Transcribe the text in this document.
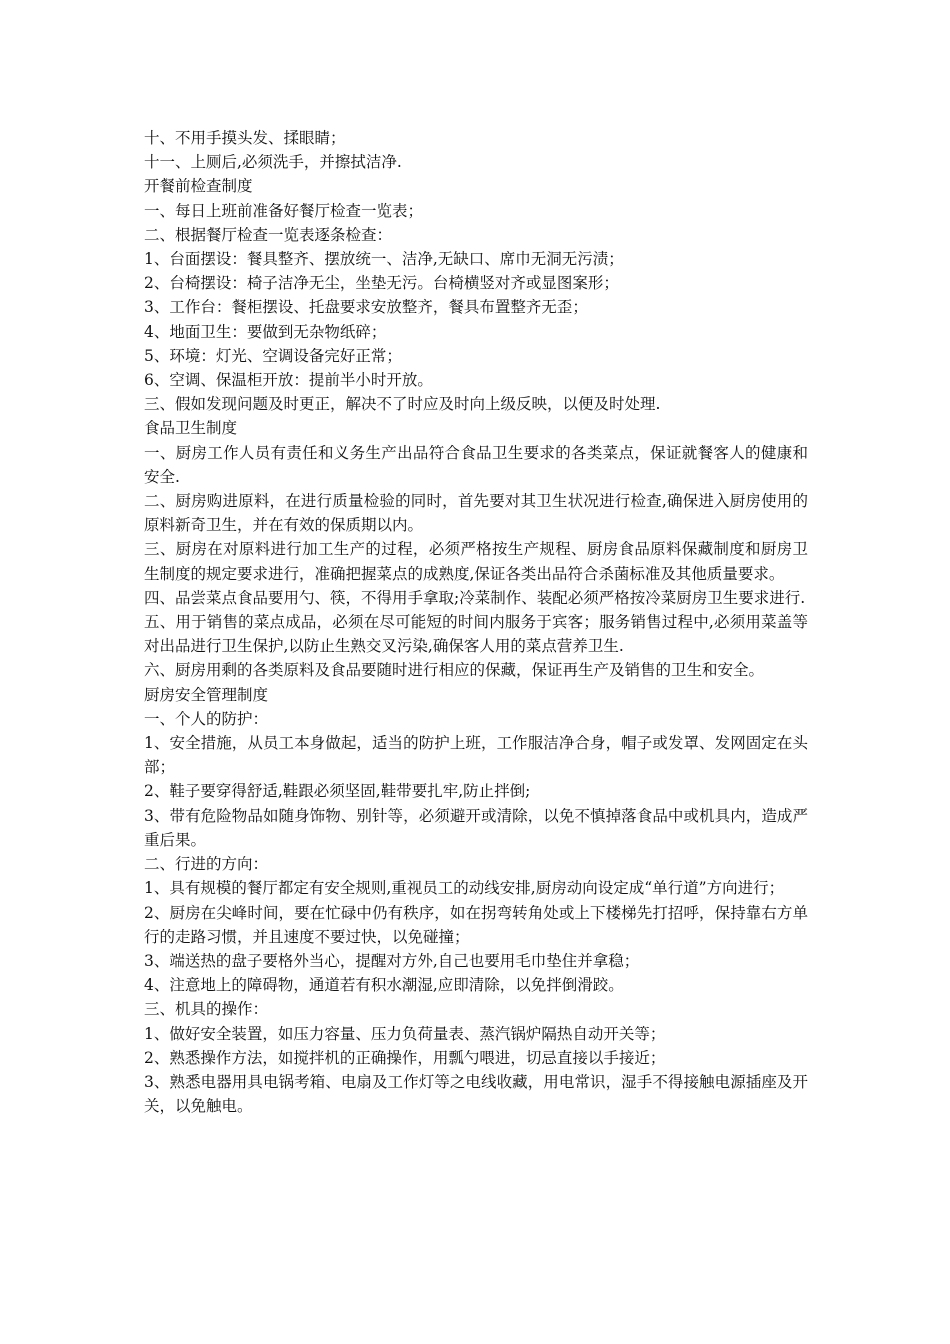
十、不用手摸头发、揉眼睛；

十一、上厕后,必须洗手，并擦拭洁净.

开餐前检查制度

一、每日上班前准备好餐厅检查一览表；

二、根据餐厅检查一览表逐条检查：

1、台面摆设：餐具整齐、摆放统一、洁净,无缺口、席巾无洞无污渍；

2、台椅摆设：椅子洁净无尘，坐垫无污。台椅横竖对齐或显图案形；

3、工作台：餐柜摆设、托盘要求安放整齐，餐具布置整齐无歪；

4、地面卫生：要做到无杂物纸碎；

5、环境：灯光、空调设备完好正常；

6、空调、保温柜开放：提前半小时开放。

三、假如发现问题及时更正，解决不了时应及时向上级反映，以便及时处理.

食品卫生制度

一、厨房工作人员有责任和义务生产出品符合食品卫生要求的各类菜点，保证就餐客人的健康和安全.

二、厨房购进原料，在进行质量检验的同时，首先要对其卫生状况进行检查,确保进入厨房使用的原料新奇卫生，并在有效的保质期以内。

三、厨房在对原料进行加工生产的过程，必须严格按生产规程、厨房食品原料保藏制度和厨房卫生制度的规定要求进行，准确把握菜点的成熟度,保证各类出品符合杀菌标准及其他质量要求。

四、品尝菜点食品要用勺、筷，不得用手拿取;冷菜制作、装配必须严格按冷菜厨房卫生要求进行.

五、用于销售的菜点成品，必须在尽可能短的时间内服务于宾客；服务销售过程中,必须用菜盖等对出品进行卫生保护,以防止生熟交叉污染,确保客人用的菜点营养卫生.

六、厨房用剩的各类原料及食品要随时进行相应的保藏，保证再生产及销售的卫生和安全。

厨房安全管理制度

一、个人的防护：

1、安全措施，从员工本身做起，适当的防护上班，工作服洁净合身，帽子或发罩、发网固定在头部；

2、鞋子要穿得舒适,鞋跟必须坚固,鞋带要扎牢,防止拌倒;

3、带有危险物品如随身饰物、别针等，必须避开或清除，以免不慎掉落食品中或机具内，造成严重后果。

二、行进的方向：

1、具有规模的餐厅都定有安全规则,重视员工的动线安排,厨房动向设定成“单行道”方向进行；

2、厨房在尖峰时间，要在忙碌中仍有秩序，如在拐弯转角处或上下楼梯先打招呼，保持靠右方单行的走路习惯，并且速度不要过快，以免碰撞；

3、端送热的盘子要格外当心，提醒对方外,自己也要用毛巾垫住并拿稳；

4、注意地上的障碍物，通道若有积水潮湿,应即清除，以免拌倒滑跤。

三、机具的操作：

1、做好安全装置，如压力容量、压力负荷量表、蒸汽锅炉隔热自动开关等；

2、熟悉操作方法，如搅拌机的正确操作，用瓢勺喂进，切忌直接以手接近；

3、熟悉电器用具电锅考箱、电扇及工作灯等之电线收藏，用电常识，湿手不得接触电源插座及开关，以免触电。
